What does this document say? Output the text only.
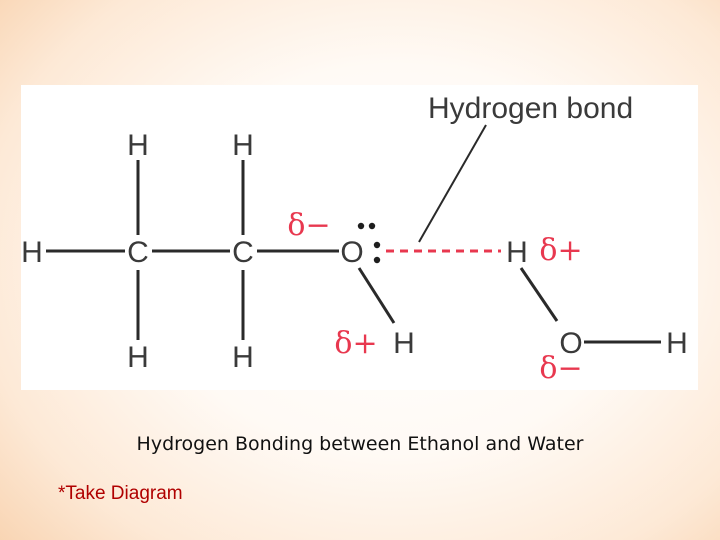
H	H
H	C	C	O
H	H	H
H
O	H
δ−
δ+
δ+
δ−
Hydrogen bond
Hydrogen Bonding between Ethanol and Water
*Take Diagram
